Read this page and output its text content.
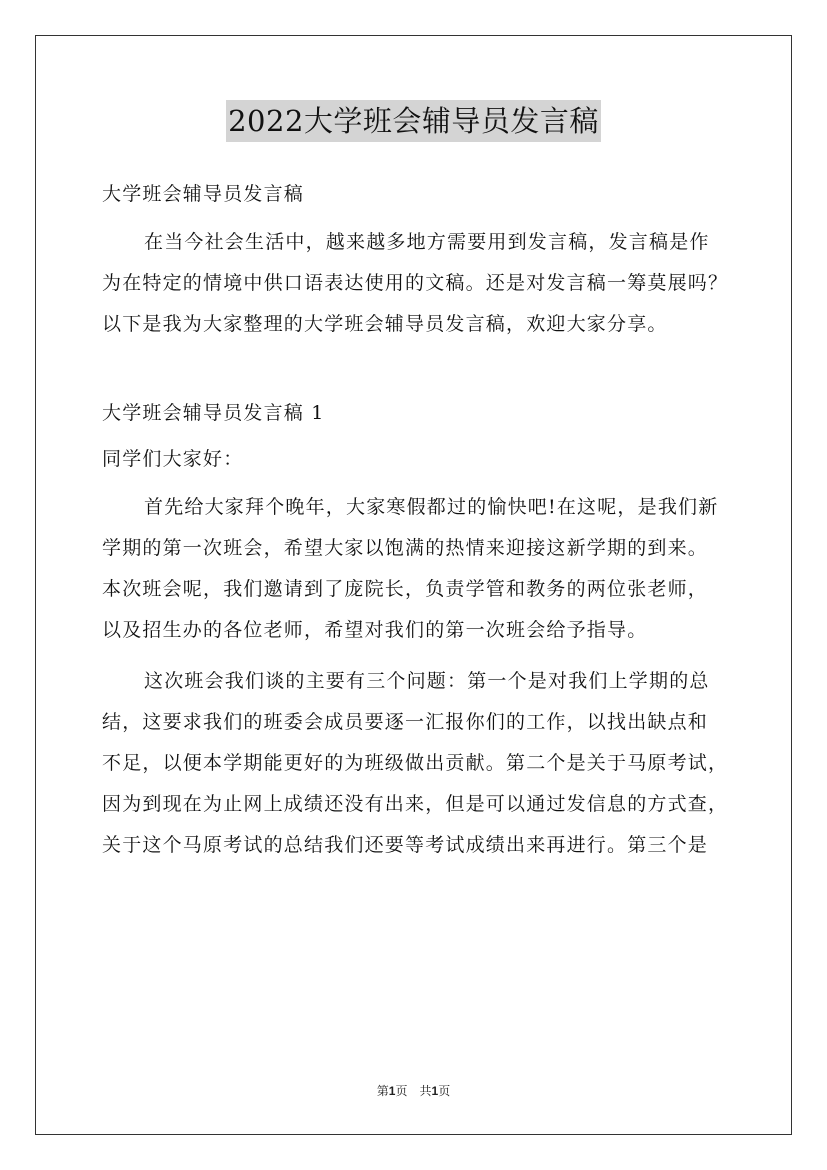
2022大学班会辅导员发言稿
大学班会辅导员发言稿
在当今社会生活中，越来越多地方需要用到发言稿，发言稿是作
为在特定的情境中供口语表达使用的文稿。还是对发言稿一筹莫展吗？
以下是我为大家整理的大学班会辅导员发言稿，欢迎大家分享。
大学班会辅导员发言稿 1
同学们大家好：
首先给大家拜个晚年，大家寒假都过的愉快吧!在这呢，是我们新
学期的第一次班会，希望大家以饱满的热情来迎接这新学期的到来。
本次班会呢，我们邀请到了庞院长，负责学管和教务的两位张老师，
以及招生办的各位老师，希望对我们的第一次班会给予指导。
这次班会我们谈的主要有三个问题：第一个是对我们上学期的总
结，这要求我们的班委会成员要逐一汇报你们的工作，以找出缺点和
不足，以便本学期能更好的为班级做出贡献。第二个是关于马原考试，
因为到现在为止网上成绩还没有出来，但是可以通过发信息的方式查，
关于这个马原考试的总结我们还要等考试成绩出来再进行。第三个是
第1页　共1页
